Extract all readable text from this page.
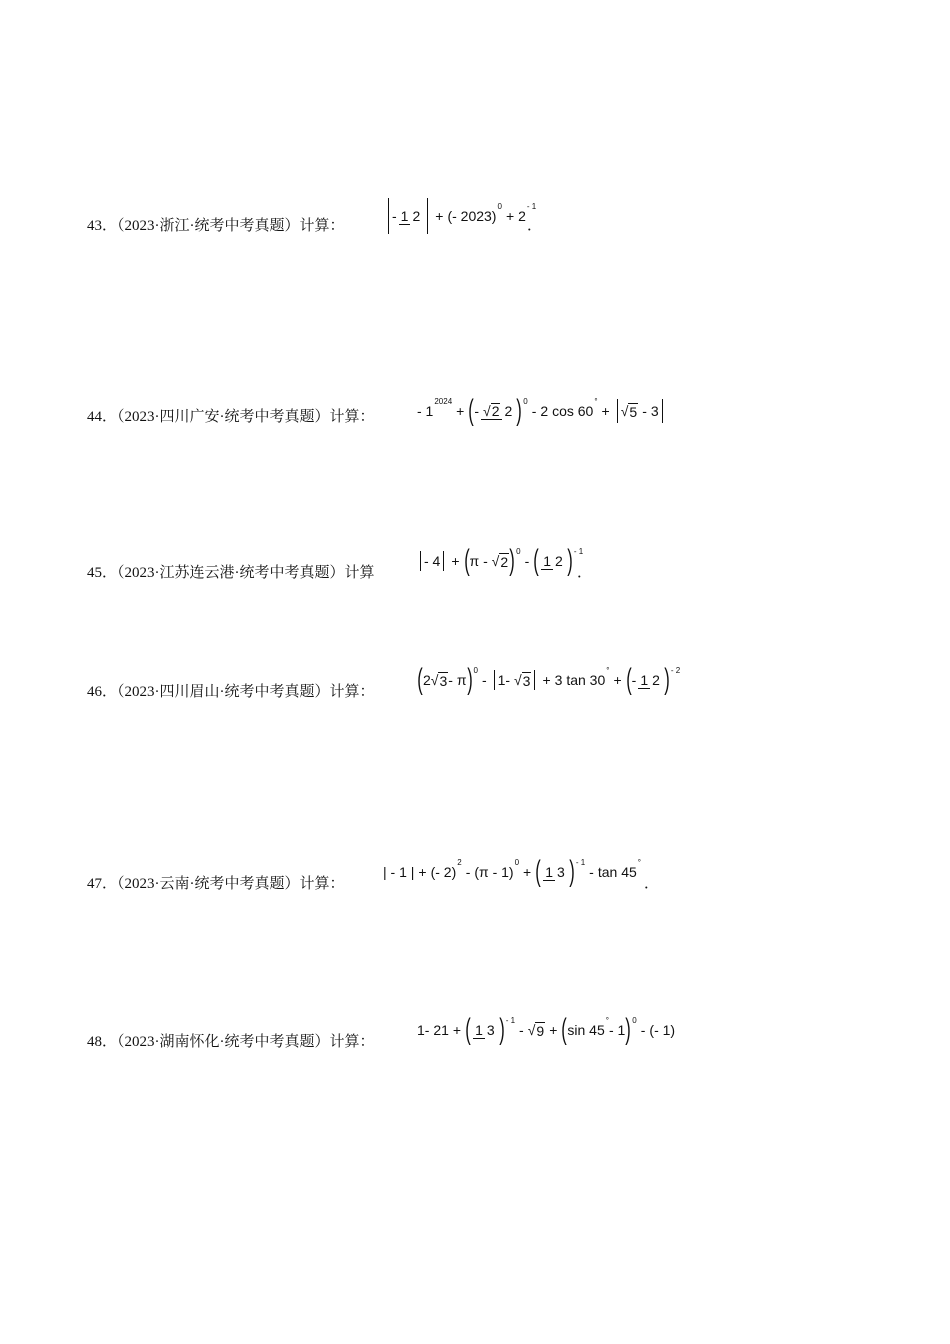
43．（2023·浙江·统考中考真题）计算：
- 1 2 + (- 2023)
0
+ 2
- 1
．
44．（2023·四川广安·统考中考真题）计算：	- 1
2024
+ ( - √2 2 ) 0
- 2 cos 60
°
+ √ 5 - 3
45．（2023·江苏连云港·统考中考真题）计算
- 4 + ( π - √ 2 ) 0
- ( 1 2 ) - 1
．
46．（2023·四川眉山·统考中考真题）计算： ( 2√ 3 - π ) 0
- 1- √ 3 + 3 tan 30
°
+ ( - 1 2 ) - 2
47．（2023·云南·统考中考真题）计算：
| - 1 | + (- 2)
2
- (π - 1)
0
+ ( 1 3 ) - 1
- tan 45
°
．
48．（2023·湖南怀化·统考中考真题）计算：
1- 21 + ( 1 3 ) - 1
- √ 9 + ( sin 45
°
- 1 ) 0
- (- 1)
